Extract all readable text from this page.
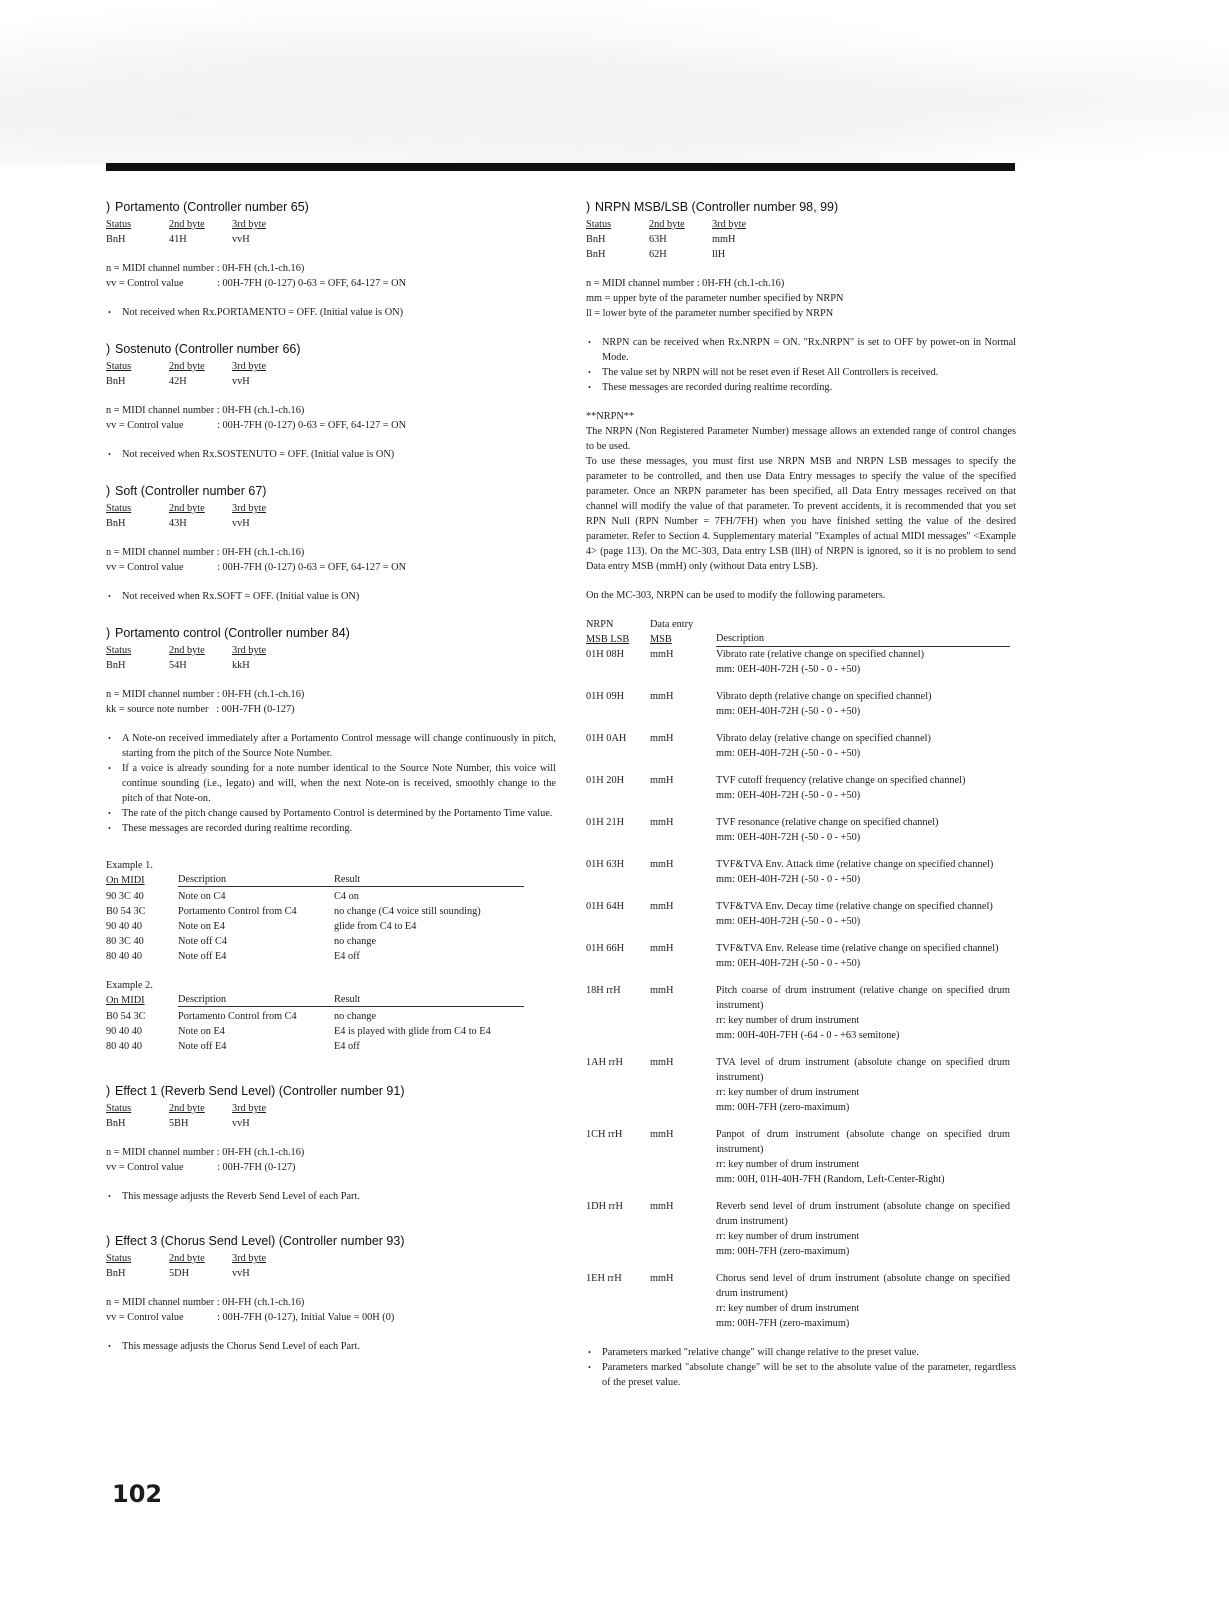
) Portamento (Controller number 65)
Status	2nd byte	3rd byte
BnH	41H	vvH
n = MIDI channel number : 0H-FH (ch.1-ch.16)
vv = Control value	: 00H-7FH (0-127) 0-63 = OFF, 64-127 = ON
• Not received when Rx.PORTAMENTO = OFF. (Initial value is ON)
) Sostenuto (Controller number 66)
Status	2nd byte	3rd byte
BnH	42H	vvH
n = MIDI channel number : 0H-FH (ch.1-ch.16)
vv = Control value	: 00H-7FH (0-127) 0-63 = OFF, 64-127 = ON
• Not received when Rx.SOSTENUTO = OFF. (Initial value is ON)
) Soft (Controller number 67)
Status	2nd byte	3rd byte
BnH	43H	vvH
n = MIDI channel number : 0H-FH (ch.1-ch.16)
vv = Control value	: 00H-7FH (0-127) 0-63 = OFF, 64-127 = ON
• Not received when Rx.SOFT = OFF. (Initial value is ON)
) Portamento control (Controller number 84)
Status	2nd byte	3rd byte
BnH	54H	kkH
n = MIDI channel number : 0H-FH (ch.1-ch.16)
kk = source note number : 00H-7FH (0-127)
• A Note-on received immediately after a Portamento Control message will change continuously in pitch, starting from the pitch of the Source Note Number.
• If a voice is already sounding for a note number identical to the Source Note Number, this voice will continue sounding (i.e., legato) and will, when the next Note-on is received, smoothly change to the pitch of that Note-on.
• The rate of the pitch change caused by Portamento Control is determined by the Portamento Time value.
• These messages are recorded during realtime recording.

Example 1.

On MIDI	Description	Result
90 3C 40	Note on C4	C4 on
B0 54 3C	Portamento Control from C4	no change (C4 voice still sounding)
90 40 40	Note on E4	glide from C4 to E4
80 3C 40	Note off C4	no change
80 40 40	Note off E4	E4 off

Example 2.

On MIDI	Description	Result
B0 54 3C	Portamento Control from C4	no change
90 40 40	Note on E4	E4 is played with glide from C4 to E4
80 40 40	Note off E4	E4 off
) Effect 1 (Reverb Send Level) (Controller number 91)
Status	2nd byte	3rd byte
BnH	5BH	vvH
n = MIDI channel number : 0H-FH (ch.1-ch.16)
vv = Control value	: 00H-7FH (0-127)
• This message adjusts the Reverb Send Level of each Part.
) Effect 3 (Chorus Send Level) (Controller number 93)
Status	2nd byte	3rd byte
BnH	5DH	vvH
n = MIDI channel number : 0H-FH (ch.1-ch.16)
vv = Control value	: 00H-7FH (0-127), Initial Value = 00H (0)
• This message adjusts the Chorus Send Level of each Part.
) NRPN MSB/LSB (Controller number 98, 99)
Status	2nd byte	3rd byte
BnH	63H	mmH
BnH	62H	llH
n = MIDI channel number : 0H-FH (ch.1-ch.16)
mm = upper byte of the parameter number specified by NRPN
ll = lower byte of the parameter number specified by NRPN
• NRPN can be received when Rx.NRPN = ON. "Rx.NRPN" is set to OFF by power-on in Normal Mode.
• The value set by NRPN will not be reset even if Reset All Controllers is received.
• These messages are recorded during realtime recording.

**NRPN**

The NRPN (Non Registered Parameter Number) message allows an extended range of control changes to be used.

To use these messages, you must first use NRPN MSB and NRPN LSB messages to specify the parameter to be controlled, and then use Data Entry messages to specify the value of the specified parameter. Once an NRPN parameter has been specified, all Data Entry messages received on that channel will modify the value of that parameter. To prevent accidents, it is recommended that you set RPN Null (RPN Number = 7FH/7FH) when you have finished setting the value of the desired parameter. Refer to Section 4. Supplementary material "Examples of actual MIDI messages" <Example 4> (page 113). On the MC-303, Data entry LSB (llH) of NRPN is ignored, so it is no problem to send Data entry MSB (mmH) only (without Data entry LSB).

On the MC-303, NRPN can be used to modify the following parameters.

NRPN	Data entry
MSB LSB	MSB	Description
01H 08H	mmH	Vibrato rate (relative change on specified channel)
mm: 0EH-40H-72H (-50 - 0 - +50)
01H 09H	mmH	Vibrato depth (relative change on specified channel)
mm: 0EH-40H-72H (-50 - 0 - +50)
01H 0AH	mmH	Vibrato delay (relative change on specified channel)
mm: 0EH-40H-72H (-50 - 0 - +50)
01H 20H	mmH	TVF cutoff frequency (relative change on specified channel)
mm: 0EH-40H-72H (-50 - 0 - +50)
01H 21H	mmH	TVF resonance (relative change on specified channel)
mm: 0EH-40H-72H (-50 - 0 - +50)
01H 63H	mmH	TVF&TVA Env. Attack time (relative change on specified channel)
mm: 0EH-40H-72H (-50 - 0 - +50)
01H 64H	mmH	TVF&TVA Env. Decay time (relative change on specified channel)
mm: 0EH-40H-72H (-50 - 0 - +50)
01H 66H	mmH	TVF&TVA Env. Release time (relative change on specified channel)
mm: 0EH-40H-72H (-50 - 0 - +50)
18H rrH	mmH	Pitch coarse of drum instrument (relative change on specified drum instrument)
rr: key number of drum instrument
mm: 00H-40H-7FH (-64 - 0 - +63 semitone)
1AH rrH	mmH	TVA level of drum instrument (absolute change on specified drum instrument)
rr: key number of drum instrument
mm: 00H-7FH (zero-maximum)
1CH rrH	mmH	Panpot of drum instrument (absolute change on specified drum instrument)
rr: key number of drum instrument
mm: 00H, 01H-40H-7FH (Random, Left-Center-Right)
1DH rrH	mmH	Reverb send level of drum instrument (absolute change on specified drum instrument)
rr: key number of drum instrument
mm: 00H-7FH (zero-maximum)
1EH rrH	mmH	Chorus send level of drum instrument (absolute change on specified drum instrument)
rr: key number of drum instrument
mm: 00H-7FH (zero-maximum)
• Parameters marked "relative change" will change relative to the preset value.
• Parameters marked "absolute change" will be set to the absolute value of the parameter, regardless of the preset value.
102
